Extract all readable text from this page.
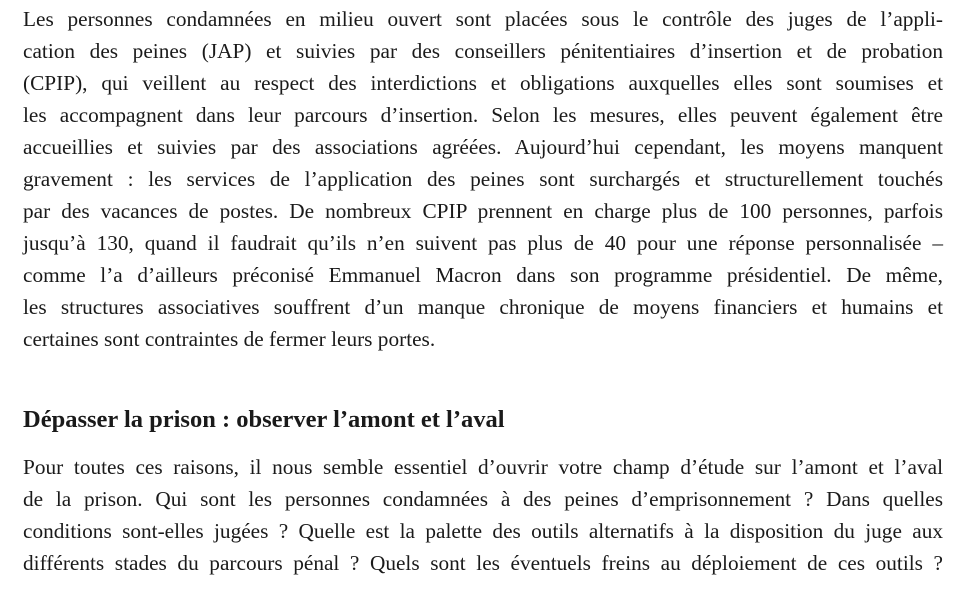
Les personnes condamnées en milieu ouvert sont placées sous le contrôle des juges de l’appli-
cation des peines (JAP) et suivies par des conseillers pénitentiaires d’insertion et de probation
(CPIP), qui veillent au respect des interdictions et obligations auxquelles elles sont soumises et
les accompagnent dans leur parcours d’insertion. Selon les mesures, elles peuvent également être
accueillies et suivies par des associations agréées. Aujourd’hui cependant, les moyens manquent
gravement : les services de l’application des peines sont surchargés et structurellement touchés
par des vacances de postes. De nombreux CPIP prennent en charge plus de 100 personnes, parfois
jusqu’à 130, quand il faudrait qu’ils n’en suivent pas plus de 40 pour une réponse personnalisée –
comme l’a d’ailleurs préconisé Emmanuel Macron dans son programme présidentiel. De même,
les structures associatives souffrent d’un manque chronique de moyens financiers et humains et
certaines sont contraintes de fermer leurs portes.
Dépasser la prison : observer l’amont et l’aval
Pour toutes ces raisons, il nous semble essentiel d’ouvrir votre champ d’étude sur l’amont et l’aval
de la prison. Qui sont les personnes condamnées à des peines d’emprisonnement ? Dans quelles
conditions sont-elles jugées ? Quelle est la palette des outils alternatifs à la disposition du juge aux
différents stades du parcours pénal ? Quels sont les éventuels freins au déploiement de ces outils ?
